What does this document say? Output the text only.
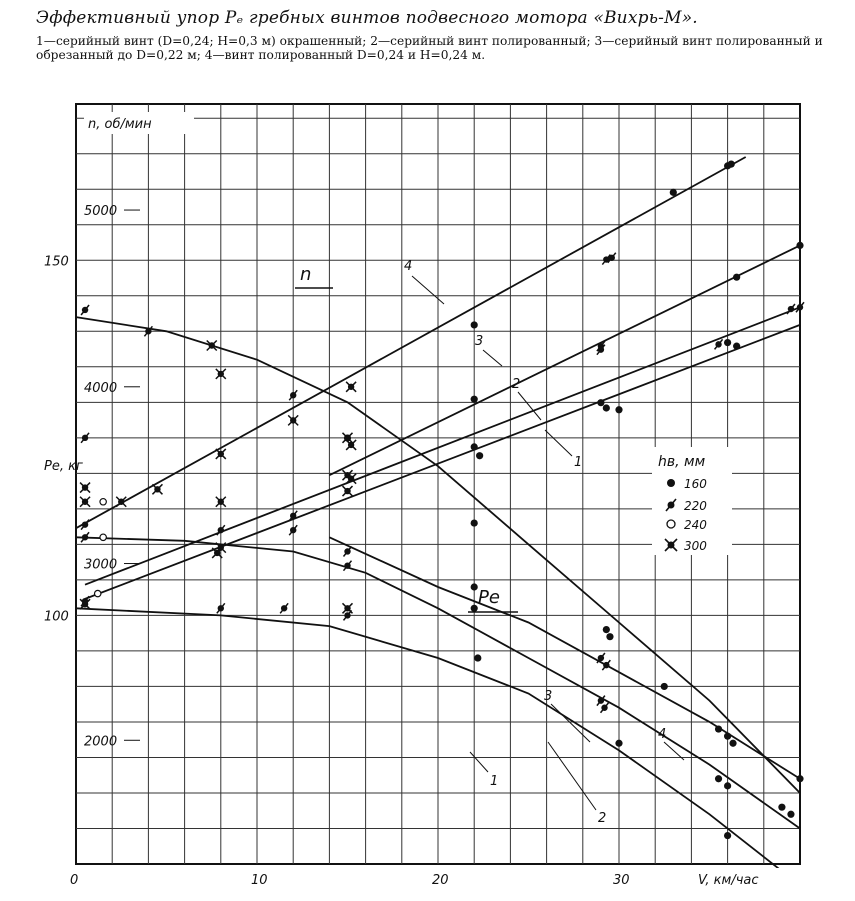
Эффективный упор Pₑ гребных винтов подвесного мотора «Вихрь-М».
1—серийный винт (D=0,24; H=0,3 м) окрашенный; 2—серийный винт полированный; 3—серийный винт полированный и обрезанный до D=0,22 м; 4—винт полированный D=0,24 и H=0,24 м.
0	10	20	30
2000
3000
4000
5000
100
150
n, об/мин
Pe, кг
V, км/час
n
Pe
4
3
2
1
3
4
1
2
hв, мм
160
220
240
300
